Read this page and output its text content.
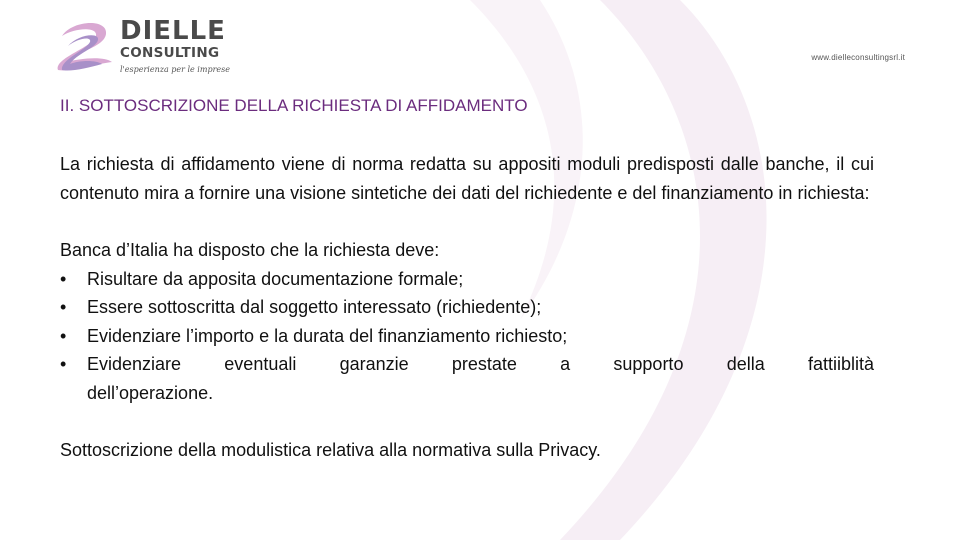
DIELLE
CONSULTING
l'esperienza per le imprese
www.dielleconsultingsrl.it
II. SOTTOSCRIZIONE DELLA RICHIESTA DI AFFIDAMENTO

La richiesta di affidamento viene di norma redatta su appositi moduli predisposti dalle banche, il cui contenuto mira a fornire una visione sintetiche dei dati del richiedente e del finanziamento in richiesta:

Banca d’Italia ha disposto che la richiesta deve:

• Risultare da apposita documentazione formale;
• Essere sottoscritta dal soggetto interessato (richiedente);
• Evidenziare l’importo e la durata del finanziamento richiesto;
• Evidenziare eventuali garanzie prestate a supporto della fattiiblità
dell’operazione.

Sottoscrizione della modulistica relativa alla normativa sulla Privacy.
